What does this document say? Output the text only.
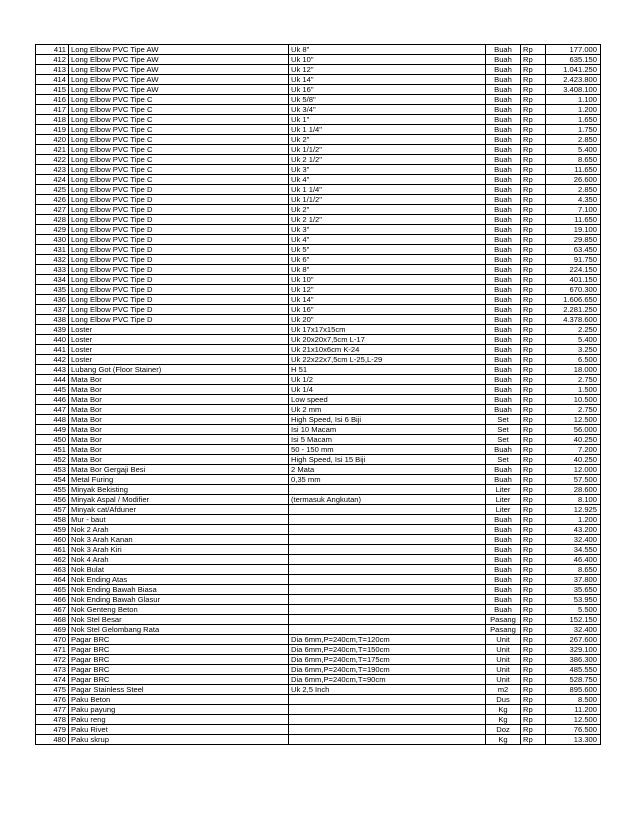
411	Long Elbow PVC Tipe AW	Uk 8"	Buah	Rp	177.000
412	Long Elbow PVC Tipe AW	Uk 10"	Buah	Rp	635.150
413	Long Elbow PVC Tipe AW	Uk 12"	Buah	Rp	1.041.250
414	Long Elbow PVC Tipe AW	Uk 14"	Buah	Rp	2.423.800
415	Long Elbow PVC Tipe AW	Uk 16"	Buah	Rp	3.408.100
416	Long Elbow PVC Tipe C	Uk 5/8"	Buah	Rp	1.100
417	Long Elbow PVC Tipe C	Uk 3/4"	Buah	Rp	1.200
418	Long Elbow PVC Tipe C	Uk 1"	Buah	Rp	1.650
419	Long Elbow PVC Tipe C	Uk 1 1/4"	Buah	Rp	1.750
420	Long Elbow PVC Tipe C	Uk 2"	Buah	Rp	2.850
421	Long Elbow PVC Tipe C	Uk 1/1/2"	Buah	Rp	5.400
422	Long Elbow PVC Tipe C	Uk 2 1/2"	Buah	Rp	8.650
423	Long Elbow PVC Tipe C	Uk 3"	Buah	Rp	11.650
424	Long Elbow PVC Tipe C	Uk 4"	Buah	Rp	26.600
425	Long Elbow PVC Tipe D	Uk 1 1/4"	Buah	Rp	2.850
426	Long Elbow PVC Tipe D	Uk 1/1/2"	Buah	Rp	4.350
427	Long Elbow PVC Tipe D	Uk 2"	Buah	Rp	7.100
428	Long Elbow PVC Tipe D	Uk 2 1/2"	Buah	Rp	11.650
429	Long Elbow PVC Tipe D	Uk 3"	Buah	Rp	19.100
430	Long Elbow PVC Tipe D	Uk 4"	Buah	Rp	29.850
431	Long Elbow PVC Tipe D	Uk 5"	Buah	Rp	63.450
432	Long Elbow PVC Tipe D	Uk 6"	Buah	Rp	91.750
433	Long Elbow PVC Tipe D	Uk 8"	Buah	Rp	224.150
434	Long Elbow PVC Tipe D	Uk 10"	Buah	Rp	401.150
435	Long Elbow PVC Tipe D	Uk 12"	Buah	Rp	670.300
436	Long Elbow PVC Tipe D	Uk 14"	Buah	Rp	1.606.650
437	Long Elbow PVC Tipe D	Uk 16"	Buah	Rp	2.281.250
438	Long Elbow PVC Tipe D	Uk 20"	Buah	Rp	4.378.600
439	Loster	Uk 17x17x15cm	Buah	Rp	2.250
440	Loster	Uk 20x20x7,5cm L-17	Buah	Rp	5.400
441	Loster	Uk 21x10x6cm K-24	Buah	Rp	3.250
442	Loster	Uk 22x22x7,5cm L-25,L-29	Buah	Rp	6.500
443	Lubang Got (Floor Stainer)	H 51	Buah	Rp	18.000
444	Mata Bor	Uk 1/2	Buah	Rp	2.750
445	Mata Bor	Uk 1/4	Buah	Rp	1.500
446	Mata Bor	Low speed	Buah	Rp	10.500
447	Mata Bor	Uk 2 mm	Buah	Rp	2.750
448	Mata Bor	High Speed, Isi 6 Biji	Set	Rp	12.500
449	Mata Bor	Isi 10 Macam	Set	Rp	56.000
450	Mata Bor	Isi 5 Macam	Set	Rp	40.250
451	Mata Bor	50 - 150 mm	Buah	Rp	7.200
452	Mata Bor	High Speed, Isi 15 Biji	Set	Rp	40.250
453	Mata Bor Gergaji Besi	2 Mata	Buah	Rp	12.000
454	Metal Furing	0,35 mm	Buah	Rp	57.500
455	Minyak Bekisting		Liter	Rp	28.600
456	Minyak Aspal / Modifier	(termasuk Angkutan)	Liter	Rp	8.100
457	Minyak cat/Afduner		Liter	Rp	12.925
458	Mur - baut		Buah	Rp	1.200
459	Nok 2 Arah		Buah	Rp	43.200
460	Nok 3 Arah Kanan		Buah	Rp	32.400
461	Nok 3 Arah Kiri		Buah	Rp	34.550
462	Nok 4 Arah		Buah	Rp	46.400
463	Nok Bulat		Buah	Rp	8.650
464	Nok Ending Atas		Buah	Rp	37.800
465	Nok Ending Bawah Biasa		Buah	Rp	35.650
466	Nok Ending Bawah Glasur		Buah	Rp	53.950
467	Nok Genteng Beton		Buah	Rp	5.500
468	Nok Stel Besar		Pasang	Rp	152.150
469	Nok Stel Gelombang Rata		Pasang	Rp	32.400
470	Pagar BRC	Dia 6mm,P=240cm,T=120cm	Unit	Rp	267.600
471	Pagar BRC	Dia 6mm,P=240cm,T=150cm	Unit	Rp	329.100
472	Pagar BRC	Dia 6mm,P=240cm,T=175cm	Unit	Rp	386.300
473	Pagar BRC	Dia 6mm,P=240cm,T=190cm	Unit	Rp	485.550
474	Pagar BRC	Dia 6mm,P=240cm,T=90cm	Unit	Rp	528.750
475	Pagar Stainless Steel	Uk 2,5 Inch	m2	Rp	895.600
476	Paku Beton		Dus	Rp	8.500
477	Paku payung		Kg	Rp	11.200
478	Paku reng		Kg	Rp	12.500
479	Paku Rivet		Doz	Rp	76.500
480	Paku skrup		Kg	Rp	13.300
